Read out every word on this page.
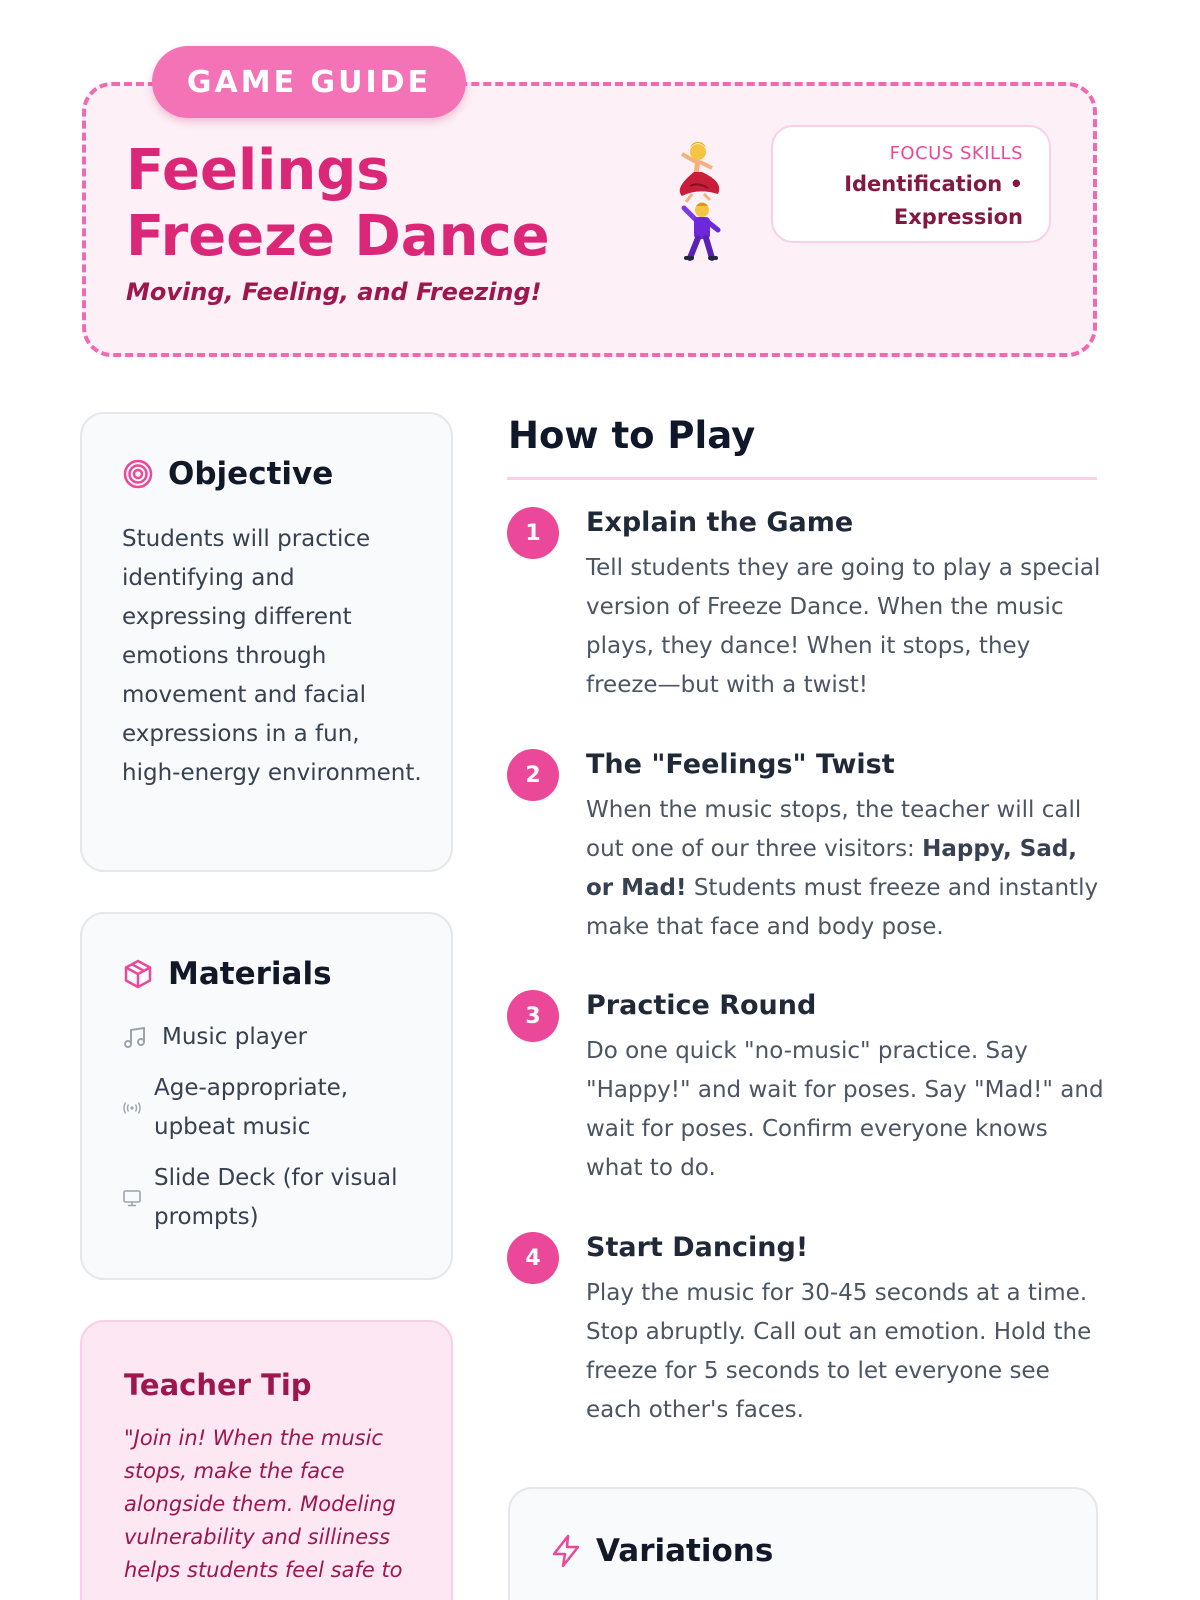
GAME GUIDE
Feelings Freeze Dance
Moving, Feeling, and Freezing!
FOCUS SKILLS
Identification •
Expression
Objective
Students will practice identifying and expressing different emotions through movement and facial expressions in a fun, high-energy environment.
Materials
Music player
Age-appropriate, upbeat music
Slide Deck (for visual prompts)
Teacher Tip
"Join in! When the music stops, make the face alongside them. Modeling vulnerability and silliness helps students feel safe to
How to Play
1	Explain the Game
Tell students they are going to play a special version of Freeze Dance. When the music plays, they dance! When it stops, they freeze—but with a twist!
2	The "Feelings" Twist
When the music stops, the teacher will call out one of our three visitors: Happy, Sad, or Mad! Students must freeze and instantly make that face and body pose.
3	Practice Round
Do one quick "no-music" practice. Say "Happy!" and wait for poses. Say "Mad!" and wait for poses. Confirm everyone knows what to do.
4	Start Dancing!
Play the music for 30-45 seconds at a time. Stop abruptly. Call out an emotion. Hold the freeze for 5 seconds to let everyone see each other's faces.
Variations
